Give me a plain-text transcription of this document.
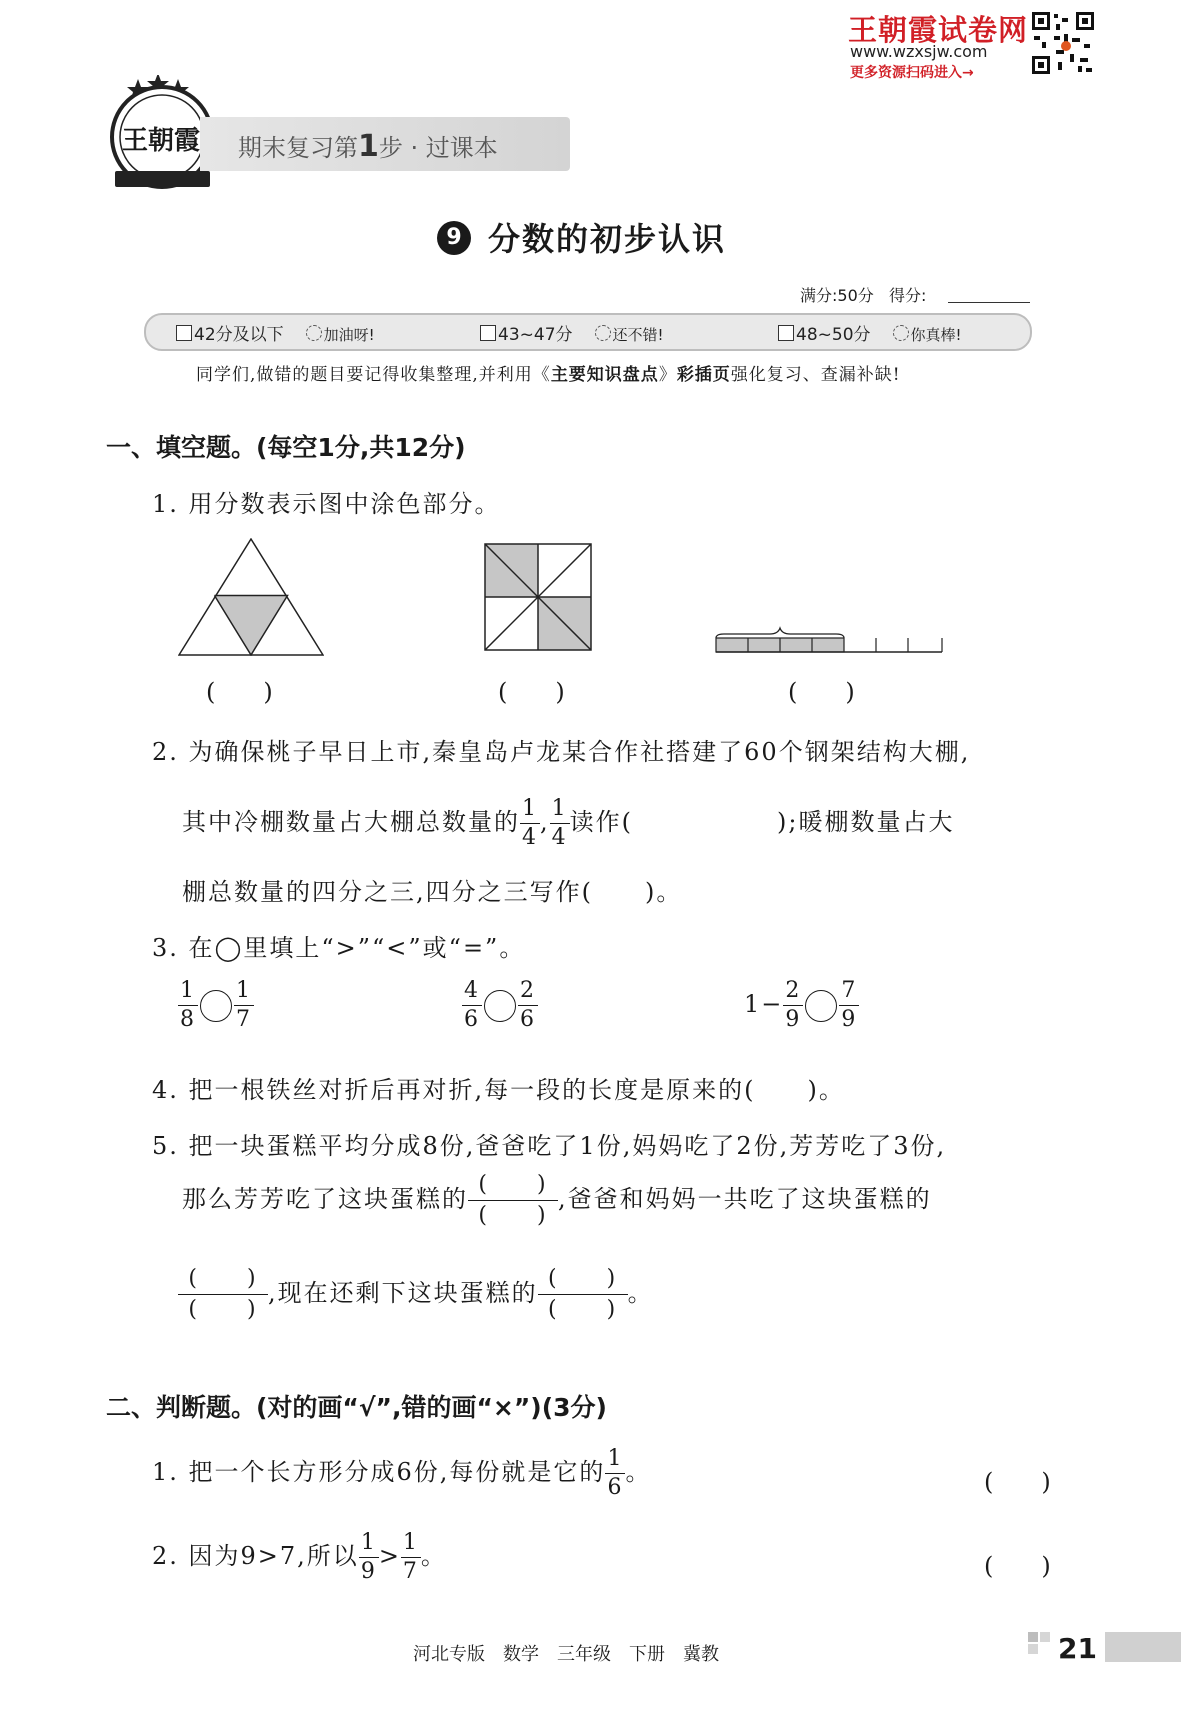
王朝霞试卷网
www.wzxsjw.com
更多资源扫码进入→
王朝霞 期末复习第1步 · 过课本
9 分数的初步认识
满分:50分 得分:
42分及以下	加油呀!	43~47分	还不错!	48~50分	你真棒!
同学们,做错的题目要记得收集整理,并利用《主要知识盘点》彩插页强化复习、查漏补缺!
一、填空题。(每空1分,共12分)
1. 用分数表示图中涂色部分。
(　　)	(　　)	(　　)
2. 为确保桃子早日上市,秦皇岛卢龙某合作社搭建了60个钢架结构大棚,
其中冷棚数量占大棚总数量的 $\frac{1}{4}$ , $\frac{1}{4}$ 读作(	);暖棚数量占大
棚总数量的四分之三,四分之三写作(　　)。
3. 在◯里填上“>”“<”或“=”。
$\frac{1}{8} \frac{1}{7}$	$\frac{4}{6} \frac{2}{6}$	$1- \frac{2}{9} \frac{7}{9}$
4. 把一根铁丝对折后再对折,每一段的长度是原来的(　　)。
5. 把一块蛋糕平均分成8份,爸爸吃了1份,妈妈吃了2份,芳芳吃了3份,
那么芳芳吃了这块蛋糕的
(　　)
(　　)
,爸爸和妈妈一共吃了这块蛋糕的
(　　)
(　　)
,现在还剩下这块蛋糕的
(　　)
(　　)
。
二、判断题。(对的画“√”,错的画“×”)(3分)
1. 把一个长方形分成6份,每份就是它的 $\frac{1}{6}$ 。	(　　)
2. 因为9>7,所以 $\frac{1}{9} > \frac{1}{7}$ 。	(　　)
河北专版 数学 三年级 下册 冀教	21
